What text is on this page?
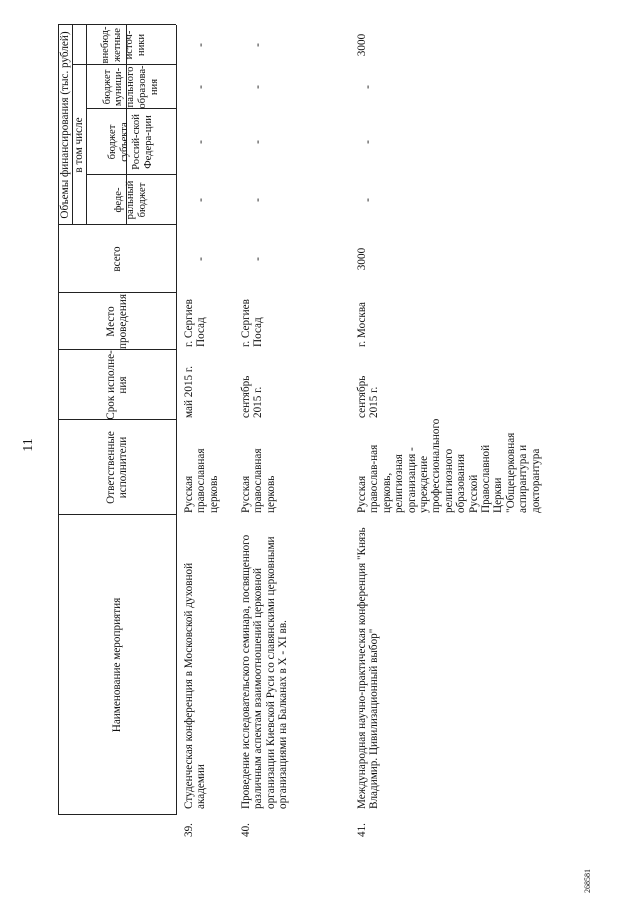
11
Наименование мероприятия
Ответственные исполнители
Срок исполне-ния
Место проведения
всего
Объемы финансирования (тыс. рублей) в том числе
феде-ральный бюджет
бюджет субъекта Россий-ской Федера-ции
бюджет муници-пального образова-ния
внебюд-жетные источ-ники
39.
Студенческая конференция в Московской духовной академии
Русская православная церковь
май 2015 г.
г. Сергиев Посад
-
-
-
-
-
40.
Проведение исследовательского семинара, посвященного различным аспектам взаимоотношений церковной организации Киевской Руси со славянскими церковными организациями на Балканах в X - XI вв.
Русская православная церковь
сентябрь 2015 г.
г. Сергиев Посад
-
-
-
-
-
41.
Международная научно-практическая конференция "Князь Владимир. Цивилизационный выбор"
Русская православ-ная церковь, религиозная организация - учреждение профессионального религиозного образования Русской Православной Церкви "Общецерковная аспирантура и докторантура
сентябрь 2015 г.
г. Москва
3000
-
-
-
3000
268581
